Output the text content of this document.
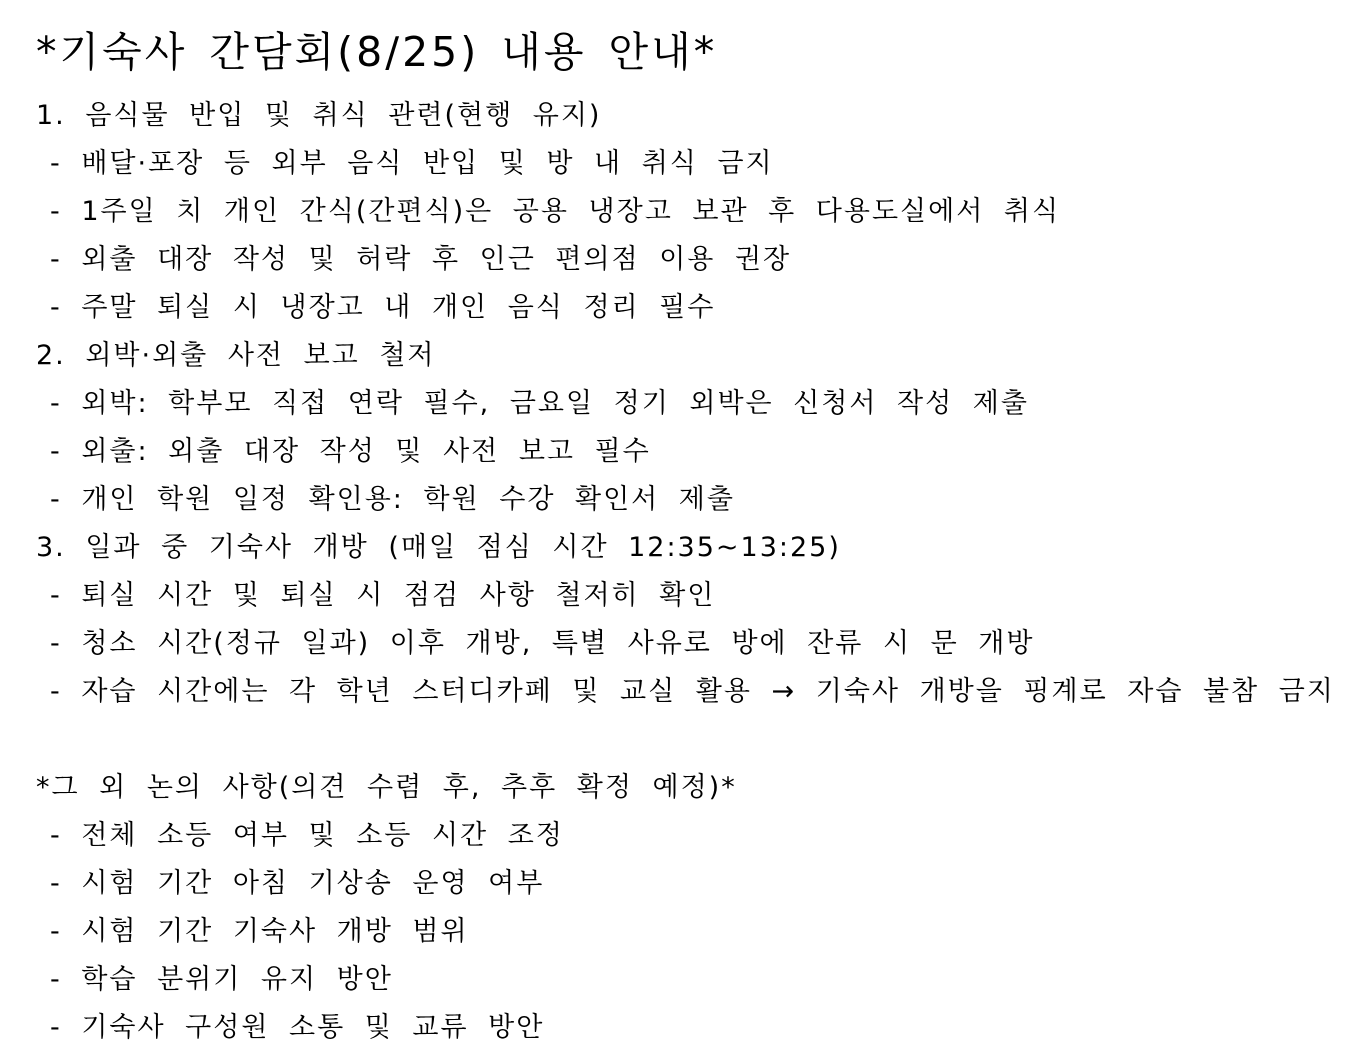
*기숙사 간담회(8/25) 내용 안내*
1. 음식물 반입 및 취식 관련(현행 유지)
- 배달·포장 등 외부 음식 반입 및 방 내 취식 금지
- 1주일 치 개인 간식(간편식)은 공용 냉장고 보관 후 다용도실에서 취식
- 외출 대장 작성 및 허락 후 인근 편의점 이용 권장
- 주말 퇴실 시 냉장고 내 개인 음식 정리 필수
2. 외박·외출 사전 보고 철저
- 외박: 학부모 직접 연락 필수, 금요일 정기 외박은 신청서 작성 제출
- 외출: 외출 대장 작성 및 사전 보고 필수
- 개인 학원 일정 확인용: 학원 수강 확인서 제출
3. 일과 중 기숙사 개방 (매일 점심 시간 12:35~13:25)
- 퇴실 시간 및 퇴실 시 점검 사항 철저히 확인
- 청소 시간(정규 일과) 이후 개방, 특별 사유로 방에 잔류 시 문 개방
- 자습 시간에는 각 학년 스터디카페 및 교실 활용 → 기숙사 개방을 핑계로 자습 불참 금지
*그 외 논의 사항(의견 수렴 후, 추후 확정 예정)*
- 전체 소등 여부 및 소등 시간 조정
- 시험 기간 아침 기상송 운영 여부
- 시험 기간 기숙사 개방 범위
- 학습 분위기 유지 방안
- 기숙사 구성원 소통 및 교류 방안
